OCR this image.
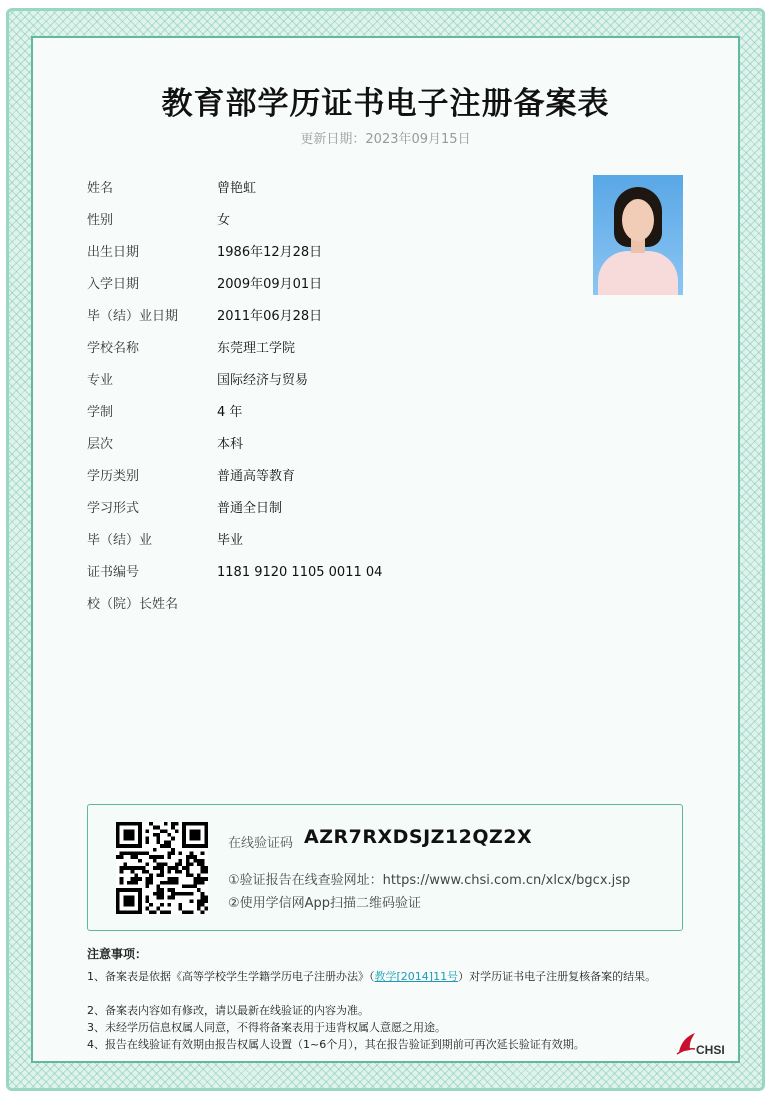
教育部学历证书电子注册备案表
更新日期：2023年09月15日
姓名	曾艳虹
性别	女
出生日期	1986年12月28日
入学日期	2009年09月01日
毕（结）业日期	2011年06月28日
学校名称	东莞理工学院
专业	国际经济与贸易
学制	4 年
层次	本科
学历类别	普通高等教育
学习形式	普通全日制
毕（结）业	毕业
证书编号	1181 9120 1105 0011 04
校（院）长姓名
在线验证码 AZR7RXDSJZ12QZ2X
①验证报告在线查验网址：https://www.chsi.com.cn/xlcx/bgcx.jsp
②使用学信网App扫描二维码验证
注意事项：
1、备案表是依据《高等学校学生学籍学历电子注册办法》（教学[2014]11号）对学历证书电子注册复核备案的结果。
2、备案表内容如有修改，请以最新在线验证的内容为准。
3、未经学历信息权属人同意，不得将备案表用于违背权属人意愿之用途。
4、报告在线验证有效期由报告权属人设置（1~6个月），其在报告验证到期前可再次延长验证有效期。	CHSI
